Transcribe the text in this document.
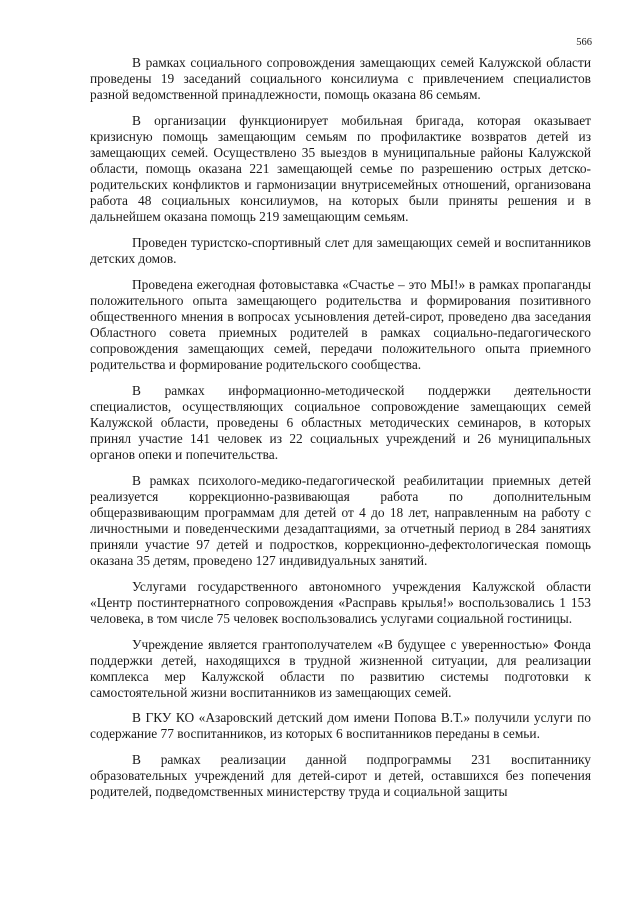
566

В рамках социального сопровождения замещающих семей Калужской области проведены 19 заседаний социального консилиума с привлечением специалистов разной ведомственной принадлежности, помощь оказана 86 семьям.

В организации функционирует мобильная бригада, которая оказывает кризисную помощь замещающим семьям по профилактике возвратов детей из замещающих семей. Осуществлено 35 выездов в муниципальные районы Калужской области, помощь оказана 221 замещающей семье по разрешению острых детско-родительских конфликтов и гармонизации внутрисемейных отношений, организована работа 48 социальных консилиумов, на которых были приняты решения и в дальнейшем оказана помощь 219 замещающим семьям.

Проведен туристско-спортивный слет для замещающих семей и воспитанников детских домов.

Проведена ежегодная фотовыставка «Счастье – это МЫ!» в рамках пропаганды положительного опыта замещающего родительства и формирования позитивного общественного мнения в вопросах усыновления детей-сирот, проведено два заседания Областного совета приемных родителей в рамках социально-педагогического сопровождения замещающих семей, передачи положительного опыта приемного родительства и формирование родительского сообщества.

В рамках информационно-методической поддержки деятельности специалистов, осуществляющих социальное сопровождение замещающих семей Калужской области, проведены 6 областных методических семинаров, в которых принял участие 141 человек из 22 социальных учреждений и 26 муниципальных органов опеки и попечительства.

В рамках психолого-медико-педагогической реабилитации приемных детей реализуется коррекционно-развивающая работа по дополнительным общеразвивающим программам для детей от 4 до 18 лет, направленным на работу с личностными и поведенческими дезадаптациями, за отчетный период в 284 занятиях приняли участие 97 детей и подростков, коррекционно-дефектологическая помощь оказана 35 детям, проведено 127 индивидуальных занятий.

Услугами государственного автономного учреждения Калужской области «Центр постинтернатного сопровождения «Расправь крылья!» воспользовались 1 153 человека, в том числе 75 человек воспользовались услугами социальной гостиницы.

Учреждение является грантополучателем «В будущее с уверенностью» Фонда поддержки детей, находящихся в трудной жизненной ситуации, для реализации комплекса мер Калужской области по развитию системы подготовки к самостоятельной жизни воспитанников из замещающих семей.

В ГКУ КО «Азаровский детский дом имени Попова В.Т.» получили услуги по содержание 77 воспитанников, из которых 6 воспитанников переданы в семьи.

В рамках реализации данной подпрограммы 231 воспитаннику образовательных учреждений для детей-сирот и детей, оставшихся без попечения родителей, подведомственных министерству труда и социальной защиты
